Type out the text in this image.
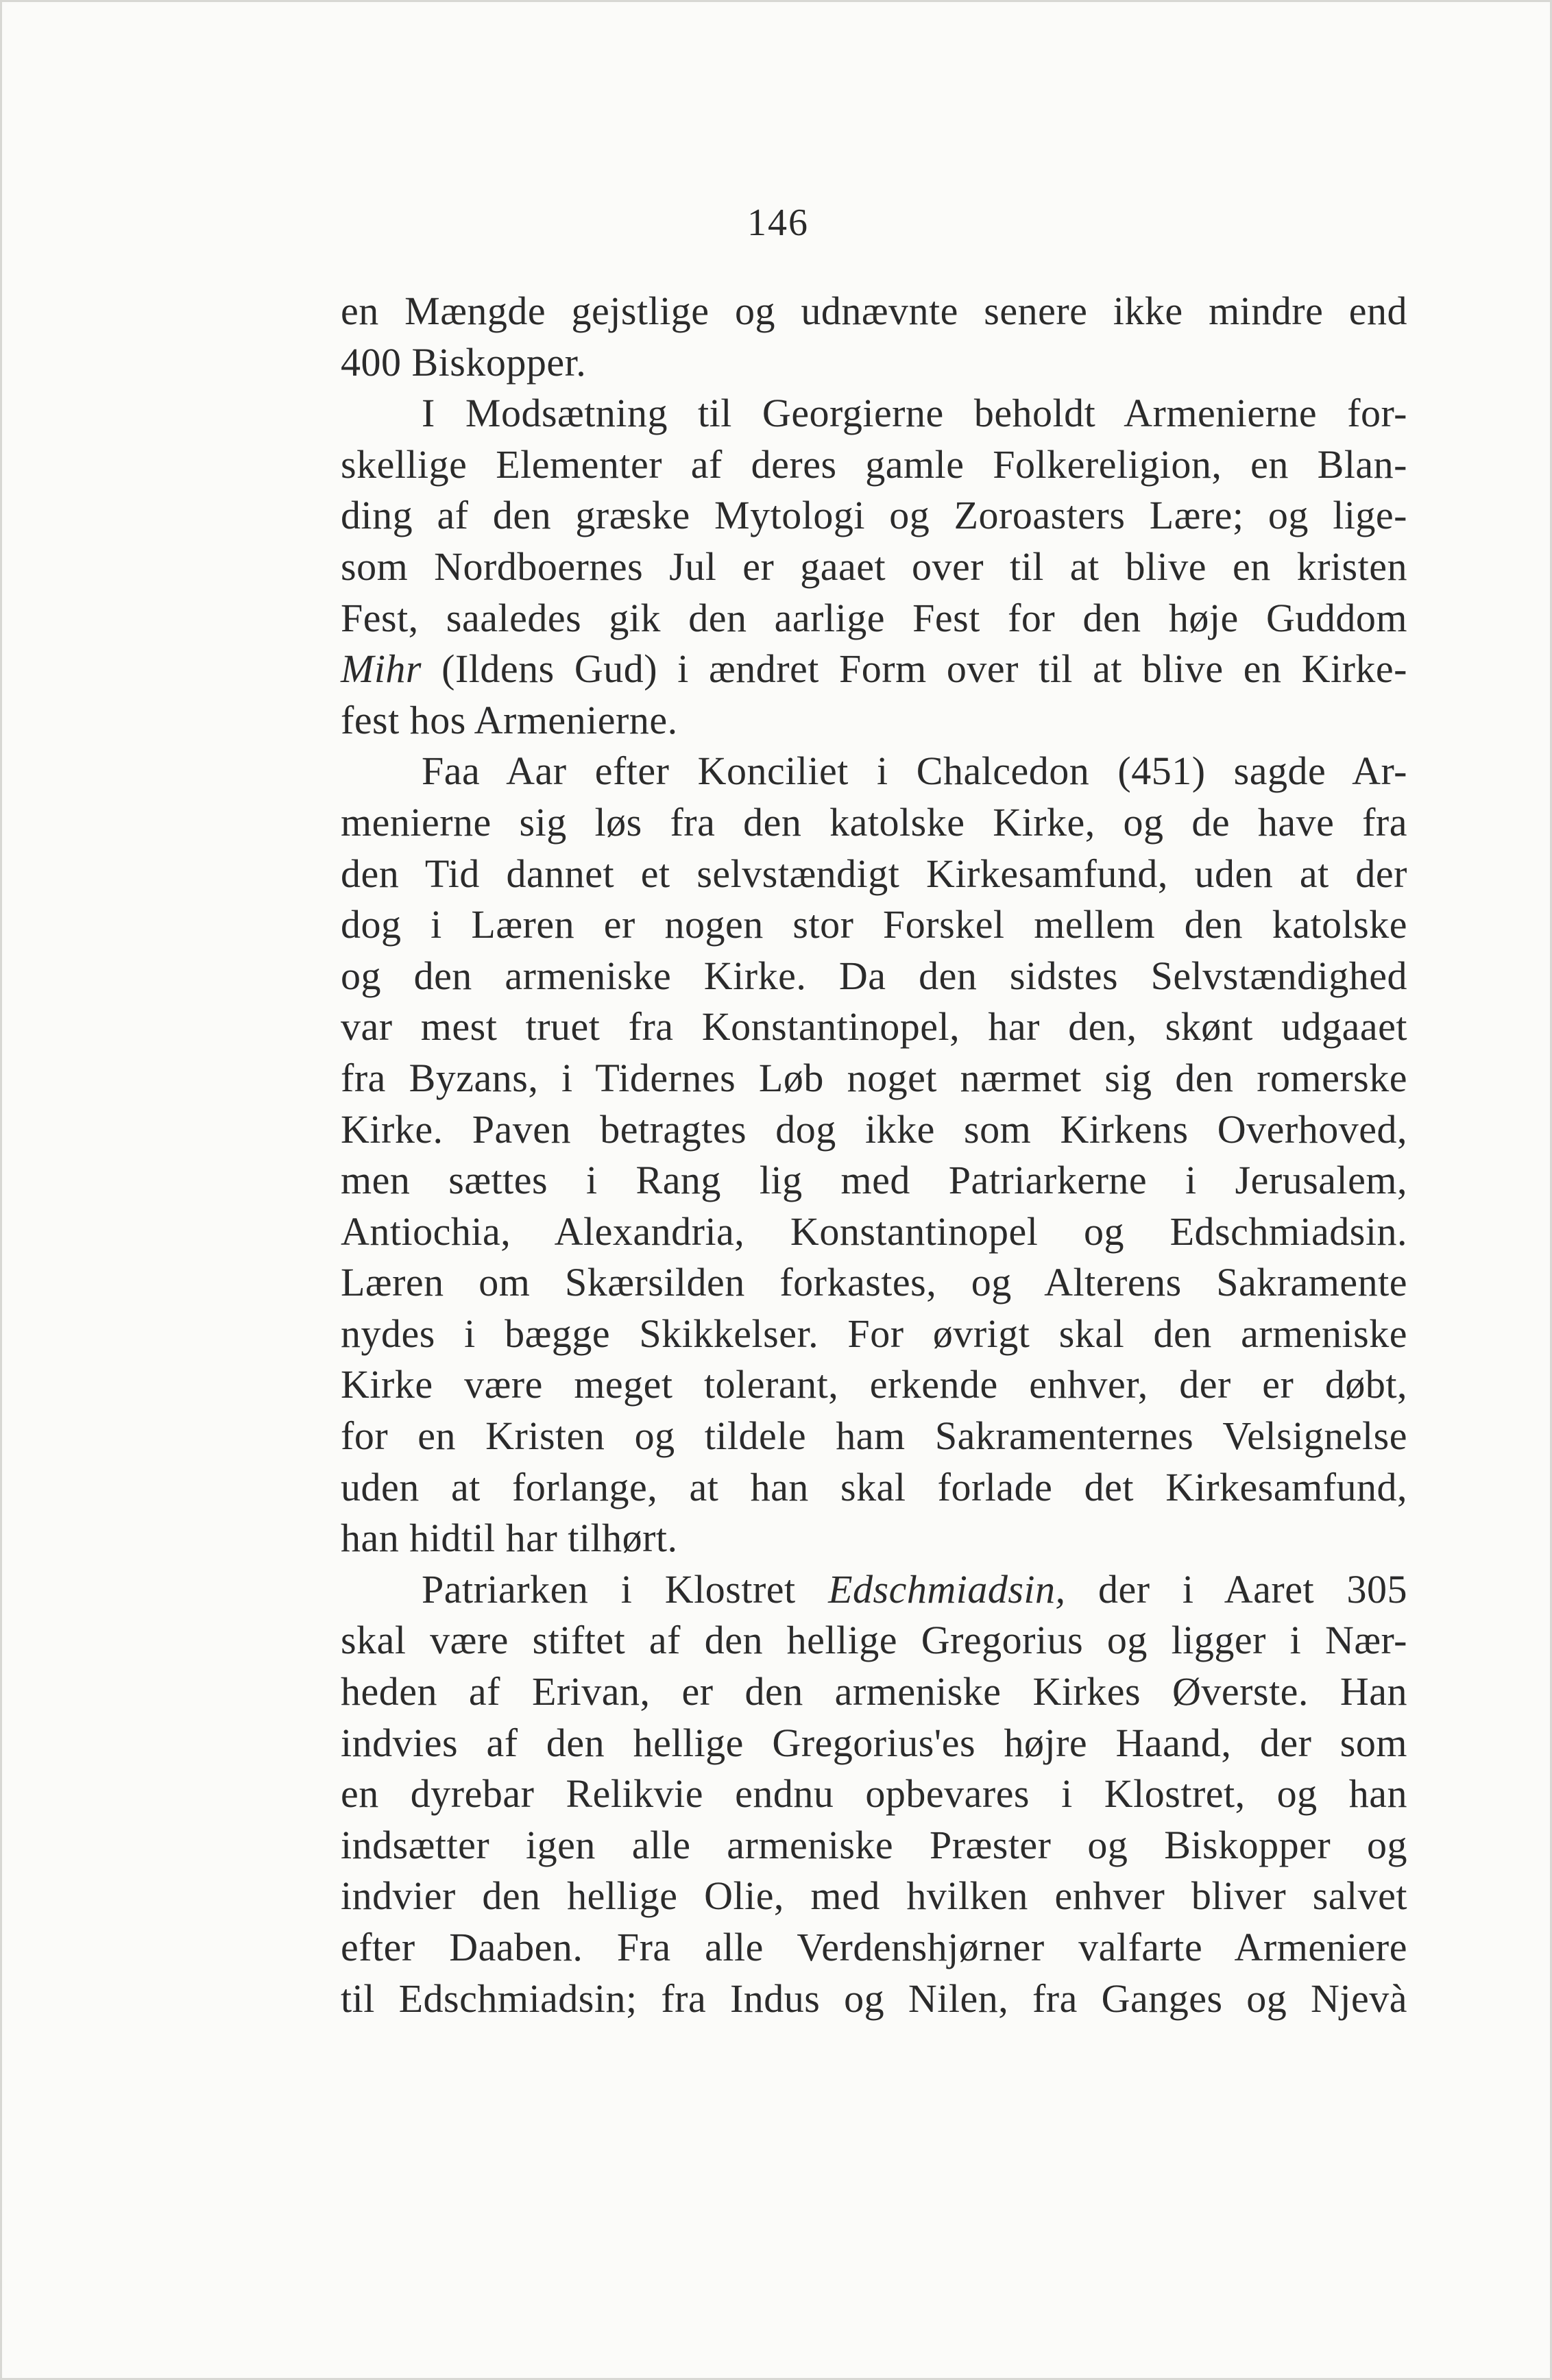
146
en Mængde gejstlige og udnævnte senere ikke mindre end
400 Biskopper.
I Modsætning til Georgierne beholdt Armenierne for-
skellige Elementer af deres gamle Folkereligion, en Blan-
ding af den græske Mytologi og Zoroasters Lære; og lige-
som Nordboernes Jul er gaaet over til at blive en kristen
Fest, saaledes gik den aarlige Fest for den høje Guddom
Mihr (Ildens Gud) i ændret Form over til at blive en Kirke-
fest hos Armenierne.
Faa Aar efter Konciliet i Chalcedon (451) sagde Ar-
menierne sig løs fra den katolske Kirke, og de have fra
den Tid dannet et selvstændigt Kirkesamfund, uden at der
dog i Læren er nogen stor Forskel mellem den katolske
og den armeniske Kirke. Da den sidstes Selvstændighed
var mest truet fra Konstantinopel, har den, skønt udgaaet
fra Byzans, i Tidernes Løb noget nærmet sig den romerske
Kirke. Paven betragtes dog ikke som Kirkens Overhoved,
men sættes i Rang lig med Patriarkerne i Jerusalem,
Antiochia, Alexandria, Konstantinopel og Edschmiadsin.
Læren om Skærsilden forkastes, og Alterens Sakramente
nydes i bægge Skikkelser. For øvrigt skal den armeniske
Kirke være meget tolerant, erkende enhver, der er døbt,
for en Kristen og tildele ham Sakramenternes Velsignelse
uden at forlange, at han skal forlade det Kirkesamfund,
han hidtil har tilhørt.
Patriarken i Klostret Edschmiadsin, der i Aaret 305
skal være stiftet af den hellige Gregorius og ligger i Nær-
heden af Erivan, er den armeniske Kirkes Øverste. Han
indvies af den hellige Gregorius'es højre Haand, der som
en dyrebar Relikvie endnu opbevares i Klostret, og han
indsætter igen alle armeniske Præster og Biskopper og
indvier den hellige Olie, med hvilken enhver bliver salvet
efter Daaben. Fra alle Verdenshjørner valfarte Armeniere
til Edschmiadsin; fra Indus og Nilen, fra Ganges og Njevà
